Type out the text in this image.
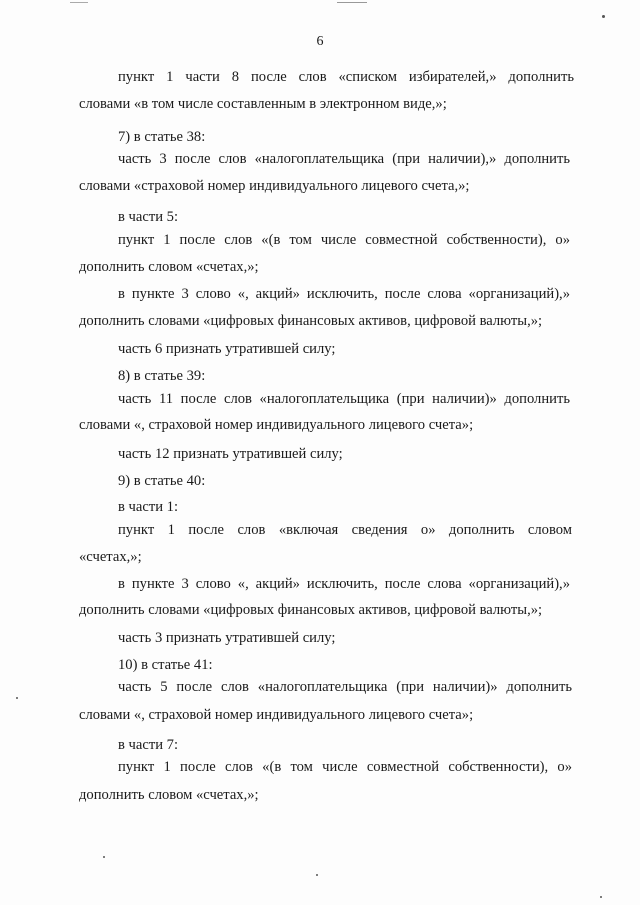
6
пункт 1 части 8 после слов «списком избирателей,» дополнить
словами «в том числе составленным в электронном виде,»;
7) в статье 38:
часть 3 после слов «налогоплательщика (при наличии),» дополнить
словами «страховой номер индивидуального лицевого счета,»;
в части 5:
пункт 1 после слов «(в том числе совместной собственности), о»
дополнить словом «счетах,»;
в пункте 3 слово «, акций» исключить, после слова «организаций),»
дополнить словами «цифровых финансовых активов, цифровой валюты,»;
часть 6 признать утратившей силу;
8) в статье 39:
часть 11 после слов «налогоплательщика (при наличии)» дополнить
словами «, страховой номер индивидуального лицевого счета»;
часть 12 признать утратившей силу;
9) в статье 40:
в части 1:
пункт 1 после слов «включая сведения о» дополнить словом
«счетах,»;
в пункте 3 слово «, акций» исключить, после слова «организаций),»
дополнить словами «цифровых финансовых активов, цифровой валюты,»;
часть 3 признать утратившей силу;
10) в статье 41:
часть 5 после слов «налогоплательщика (при наличии)» дополнить
словами «, страховой номер индивидуального лицевого счета»;
в части 7:
пункт 1 после слов «(в том числе совместной собственности), о»
дополнить словом «счетах,»;
